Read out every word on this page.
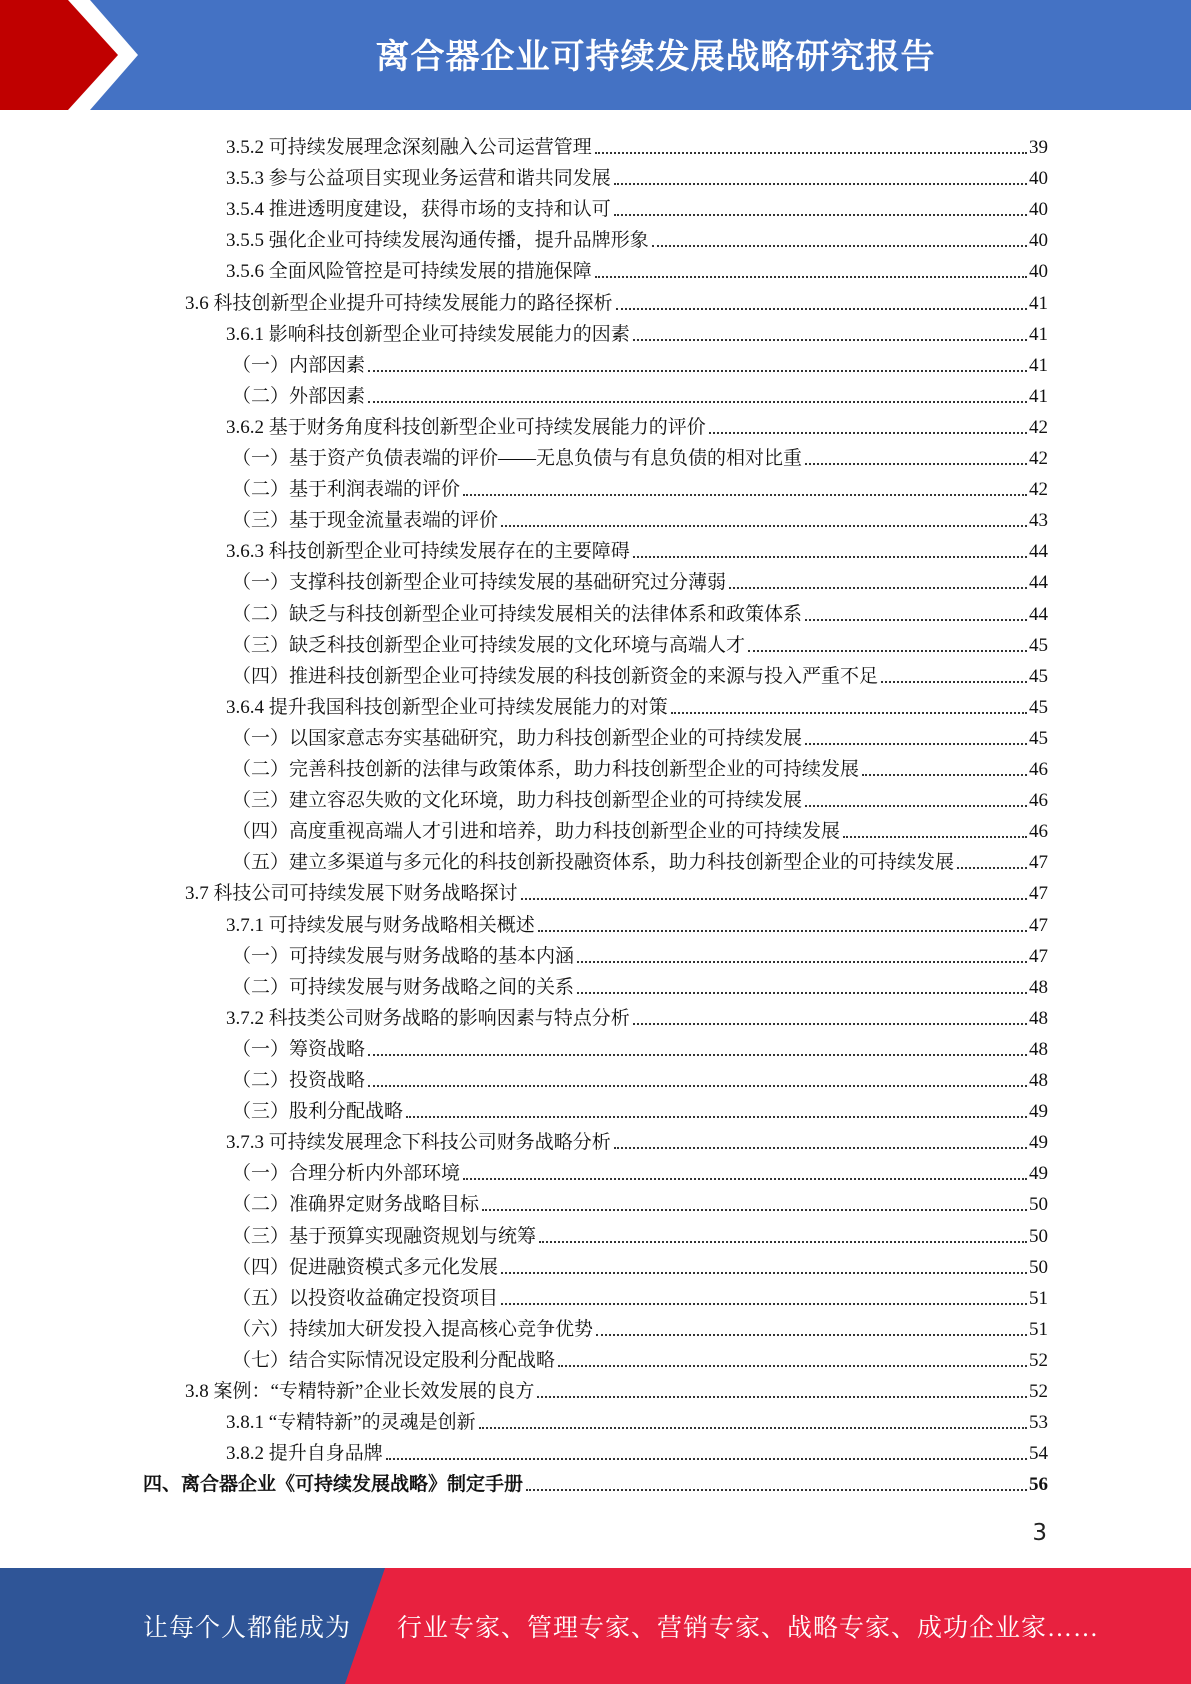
离合器企业可持续发展战略研究报告
3.5.2 可持续发展理念深刻融入公司运营管理	39
3.5.3 参与公益项目实现业务运营和谐共同发展	40
3.5.4 推进透明度建设，获得市场的支持和认可	40
3.5.5 强化企业可持续发展沟通传播，提升品牌形象	40
3.5.6 全面风险管控是可持续发展的措施保障	40
3.6 科技创新型企业提升可持续发展能力的路径探析	41
3.6.1 影响科技创新型企业可持续发展能力的因素	41
（一）内部因素	41
（二）外部因素	41
3.6.2 基于财务角度科技创新型企业可持续发展能力的评价	42
（一）基于资产负债表端的评价——无息负债与有息负债的相对比重	42
（二）基于利润表端的评价	42
（三）基于现金流量表端的评价	43
3.6.3 科技创新型企业可持续发展存在的主要障碍	44
（一）支撑科技创新型企业可持续发展的基础研究过分薄弱	44
（二）缺乏与科技创新型企业可持续发展相关的法律体系和政策体系	44
（三）缺乏科技创新型企业可持续发展的文化环境与高端人才	45
（四）推进科技创新型企业可持续发展的科技创新资金的来源与投入严重不足	45
3.6.4 提升我国科技创新型企业可持续发展能力的对策	45
（一）以国家意志夯实基础研究，助力科技创新型企业的可持续发展	45
（二）完善科技创新的法律与政策体系，助力科技创新型企业的可持续发展	46
（三）建立容忍失败的文化环境，助力科技创新型企业的可持续发展	46
（四）高度重视高端人才引进和培养，助力科技创新型企业的可持续发展	46
（五）建立多渠道与多元化的科技创新投融资体系，助力科技创新型企业的可持续发展	47
3.7 科技公司可持续发展下财务战略探讨	47
3.7.1 可持续发展与财务战略相关概述	47
（一）可持续发展与财务战略的基本内涵	47
（二）可持续发展与财务战略之间的关系	48
3.7.2 科技类公司财务战略的影响因素与特点分析	48
（一）筹资战略	48
（二）投资战略	48
（三）股利分配战略	49
3.7.3 可持续发展理念下科技公司财务战略分析	49
（一）合理分析内外部环境	49
（二）准确界定财务战略目标	50
（三）基于预算实现融资规划与统筹	50
（四）促进融资模式多元化发展	50
（五）以投资收益确定投资项目	51
（六）持续加大研发投入提高核心竞争优势	51
（七）结合实际情况设定股利分配战略	52
3.8 案例：“专精特新”企业长效发展的良方	52
3.8.1 “专精特新”的灵魂是创新	53
3.8.2 提升自身品牌	54
四、离合器企业《可持续发展战略》制定手册	56
3
让每个人都能成为 行业专家、管理专家、营销专家、战略专家、成功企业家……
